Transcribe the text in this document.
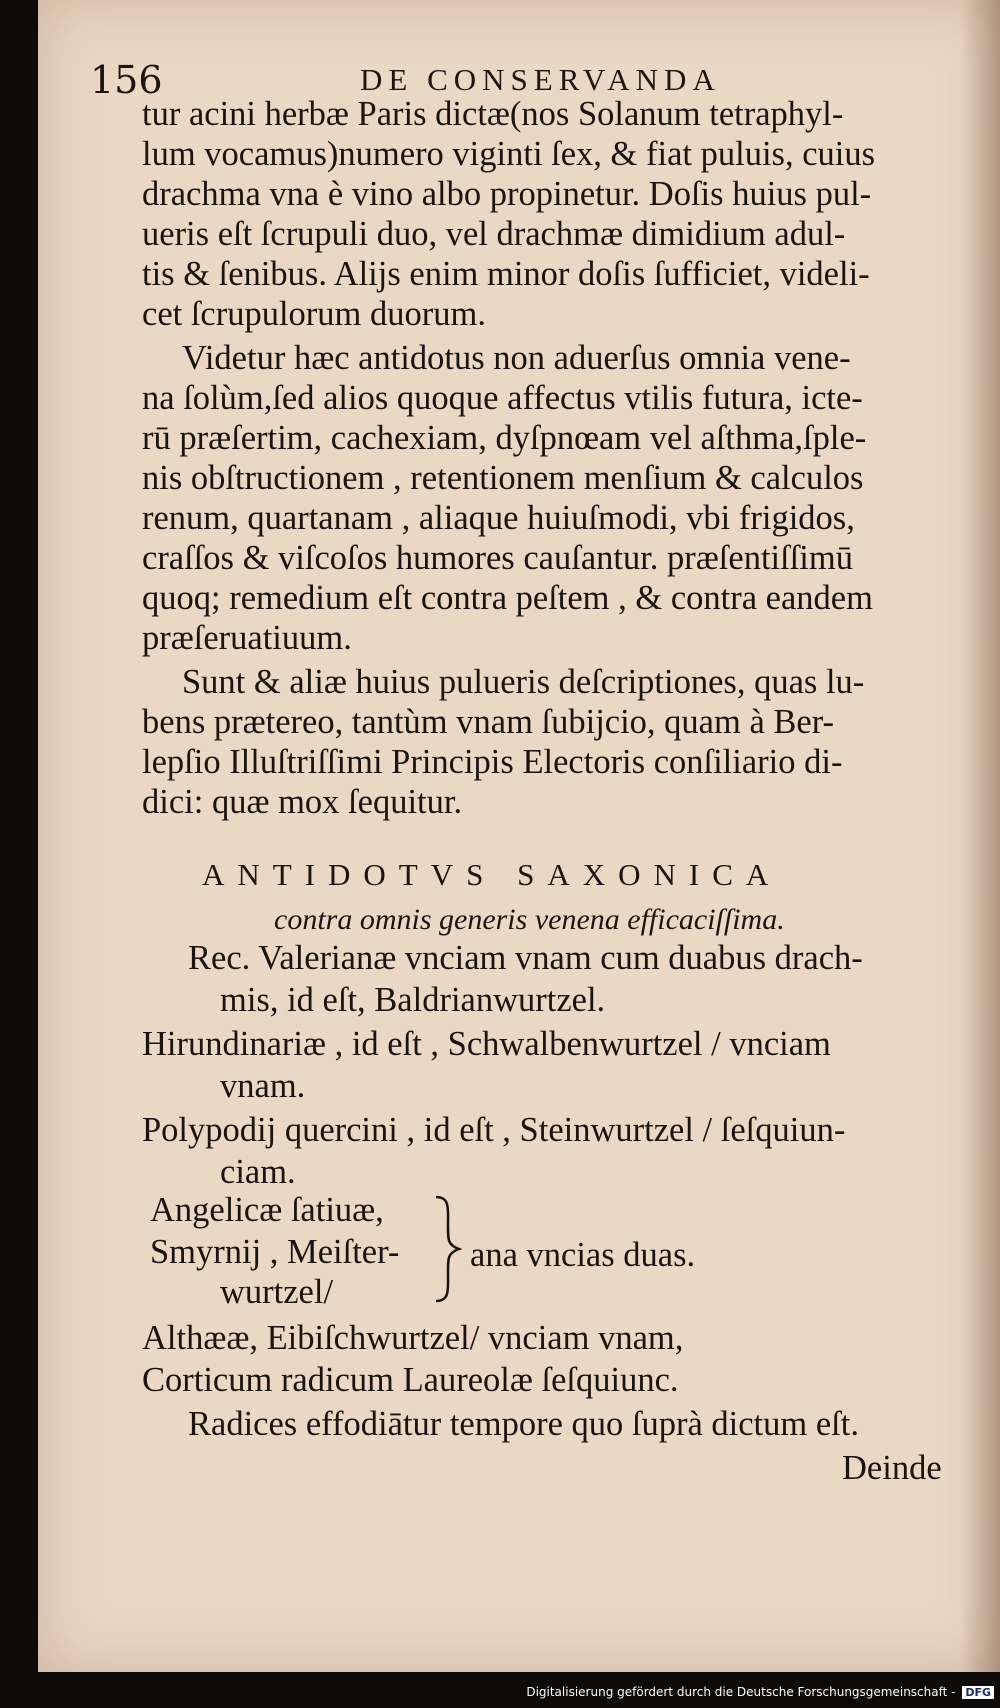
156	DE CONSERVANDA
tur acini herbæ Paris dictæ(nos Solanum tetraphyl-
lum vocamus)numero viginti ſex, & fiat puluis, cuius
drachma vna è vino albo propinetur. Doſis huius pul-
ueris eſt ſcrupuli duo, vel drachmæ dimidium adul-
tis & ſenibus. Alijs enim minor doſis ſufficiet, videli-
cet ſcrupulorum duorum.
Videtur hæc antidotus non aduerſus omnia vene-
na ſolùm,ſed alios quoque affectus vtilis futura, icte-
rū præſertim, cachexiam, dyſpnœam vel aſthma,ſple-
nis obſtructionem , retentionem menſium & calculos
renum, quartanam , aliaque huiuſmodi, vbi frigidos,
craſſos & viſcoſos humores cauſantur. præſentiſſimū
quoq; remedium eſt contra peſtem , & contra eandem
præſeruatiuum.
Sunt & aliæ huius pulueris deſcriptiones, quas lu-
bens prætereo, tantùm vnam ſubijcio, quam à Ber-
lepſio Illuſtriſſimi Principis Electoris conſiliario di-
dici: quæ mox ſequitur.
ANTIDOTVS SAXONICA
contra omnis generis venena efficaciſſima.
Rec. Valerianæ vnciam vnam cum duabus drach-
mis, id eſt, Baldrianwurtzel.
Hirundinariæ , id eſt , Schwalbenwurtzel / vnciam
vnam.
Polypodij quercini , id eſt , Steinwurtzel / ſeſquiun-
ciam.
Angelicæ ſatiuæ,
Smyrnij , Meiſter-
wurtzel/
ana vncias duas.
Althææ, Eibiſchwurtzel/ vnciam vnam,
Corticum radicum Laureolæ ſeſquiunc.
Radices effodiātur tempore quo ſuprà dictum eſt.
Deinde
Digitalisierung gefördert durch die Deutsche Forschungsgemeinschaft - DFG
